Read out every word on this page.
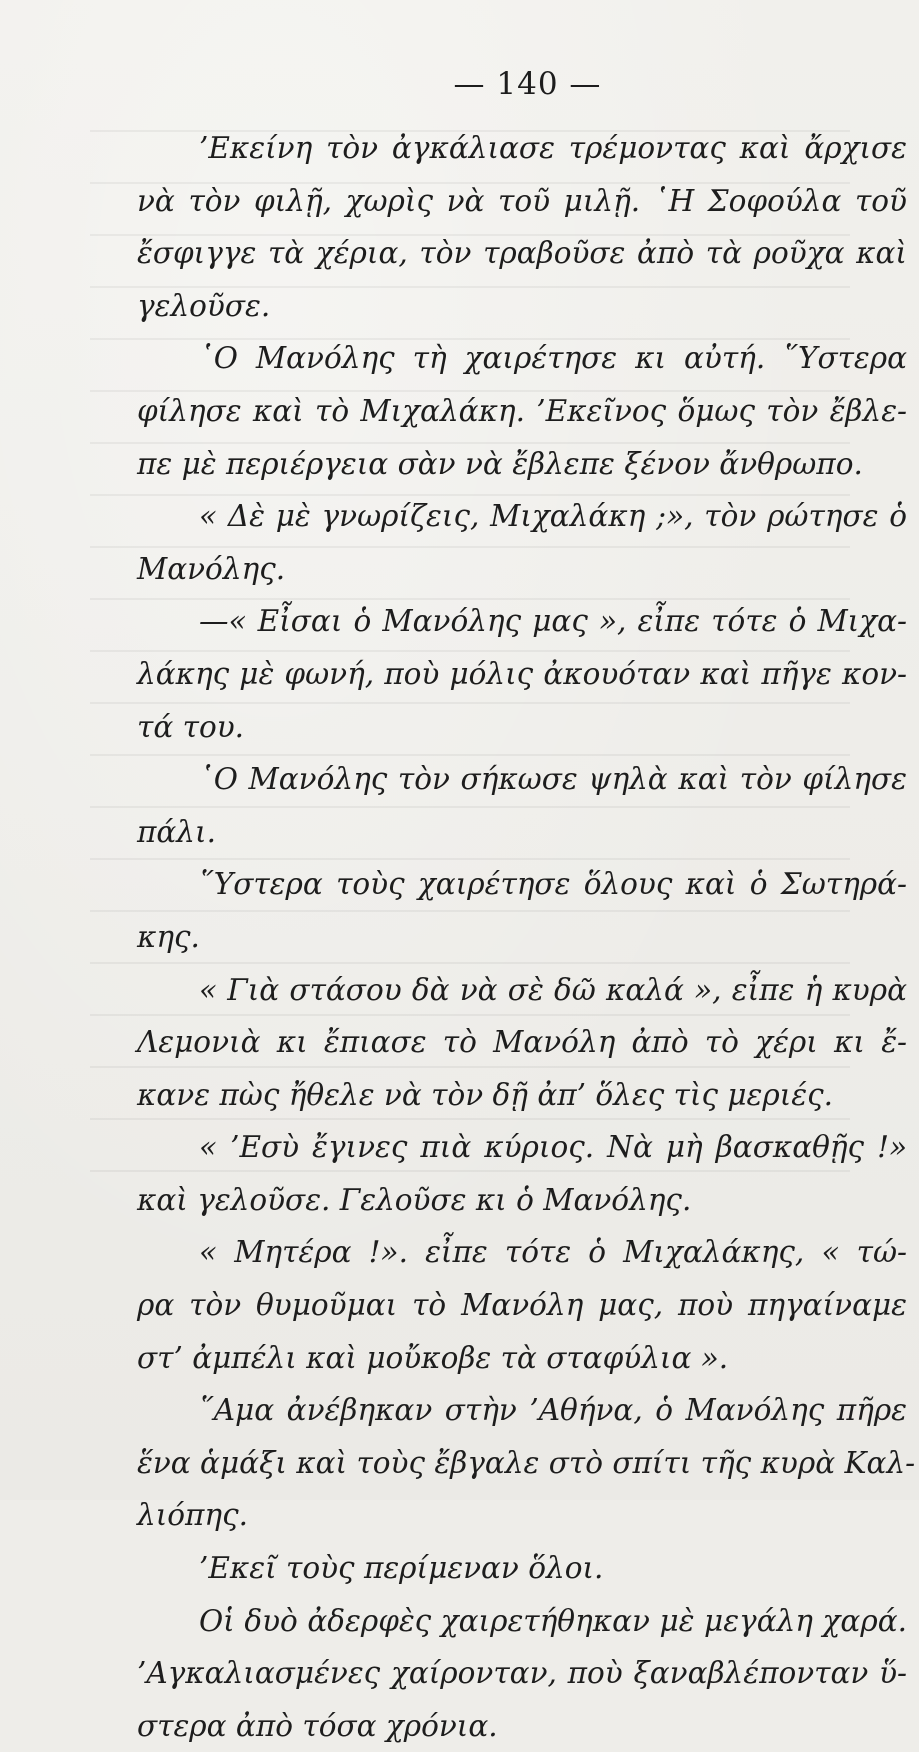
— 140 —
’Εκείνη τὸν ἀγκάλιασε τρέμοντας καὶ ἄρχισε
νὰ τὸν φιλῇ, χωρὶς νὰ τοῦ μιλῇ. ῾Η Σοφούλα τοῦ
ἔσφιγγε τὰ χέρια, τὸν τραβοῦσε ἀπὸ τὰ ροῦχα καὶ
γελοῦσε.
῾Ο Μανόλης τὴ χαιρέτησε κι αὐτή. ῞Υστερα
φίλησε καὶ τὸ Μιχαλάκη. ’Εκεῖνος ὅμως τὸν ἔβλε-
πε μὲ περιέργεια σὰν νὰ ἔβλεπε ξένον ἄνθρωπο.
« Δὲ μὲ γνωρίζεις, Μιχαλάκη ;», τὸν ρώτησε ὁ
Μανόλης.
—« Εἶσαι ὁ Μανόλης μας », εἶπε τότε ὁ Μιχα-
λάκης μὲ φωνή, ποὺ μόλις ἀκουόταν καὶ πῆγε κον-
τά του.
῾Ο Μανόλης τὸν σήκωσε ψηλὰ καὶ τὸν φίλησε
πάλι.
῞Υστερα τοὺς χαιρέτησε ὅλους καὶ ὁ Σωτηρά-
κης.
« Γιὰ στάσου δὰ νὰ σὲ δῶ καλά », εἶπε ἡ κυρὰ
Λεμονιὰ κι ἔπιασε τὸ Μανόλη ἀπὸ τὸ χέρι κι ἔ-
κανε πὼς ἤθελε νὰ τὸν δῇ ἀπ’ ὅλες τὶς μεριές.
« ’Εσὺ ἔγινες πιὰ κύριος. Νὰ μὴ βασκαθῇς !»
καὶ γελοῦσε. Γελοῦσε κι ὁ Μανόλης.
« Μητέρα !». εἶπε τότε ὁ Μιχαλάκης, « τώ-
ρα τὸν θυμοῦμαι τὸ Μανόλη μας, ποὺ πηγαίναμε
στ’ ἀμπέλι καὶ μοὔκοβε τὰ σταφύλια ».
῞Αμα ἀνέβηκαν στὴν ’Αθήνα, ὁ Μανόλης πῆρε
ἕνα ἁμάξι καὶ τοὺς ἔβγαλε στὸ σπίτι τῆς κυρὰ Καλ-
λιόπης.
’Εκεῖ τοὺς περίμεναν ὅλοι.
Οἱ δυὸ ἀδερφὲς χαιρετήθηκαν μὲ μεγάλη χαρά.
’Αγκαλιασμένες χαίρονταν, ποὺ ξαναβλέπονταν ὕ-
στερα ἀπὸ τόσα χρόνια.
